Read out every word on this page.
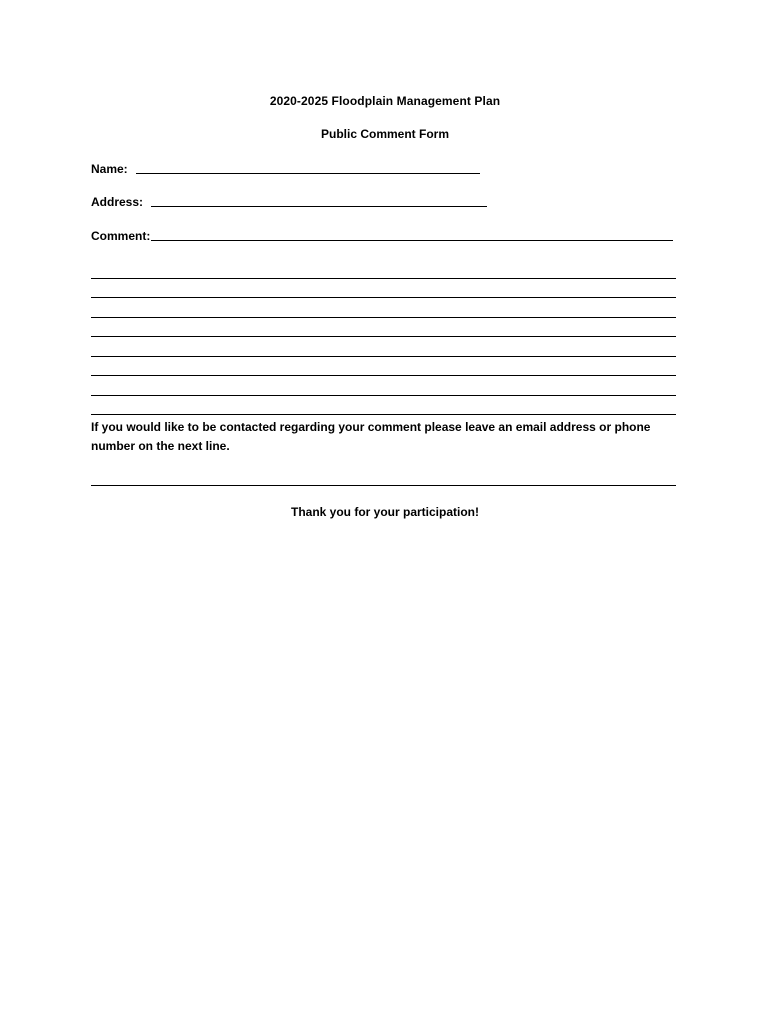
2020-2025 Floodplain Management Plan
Public Comment Form
Name:
Address:
Comment:
If you would like to be contacted regarding your comment please leave an email address or phone number on the next line.
Thank you for your participation!
